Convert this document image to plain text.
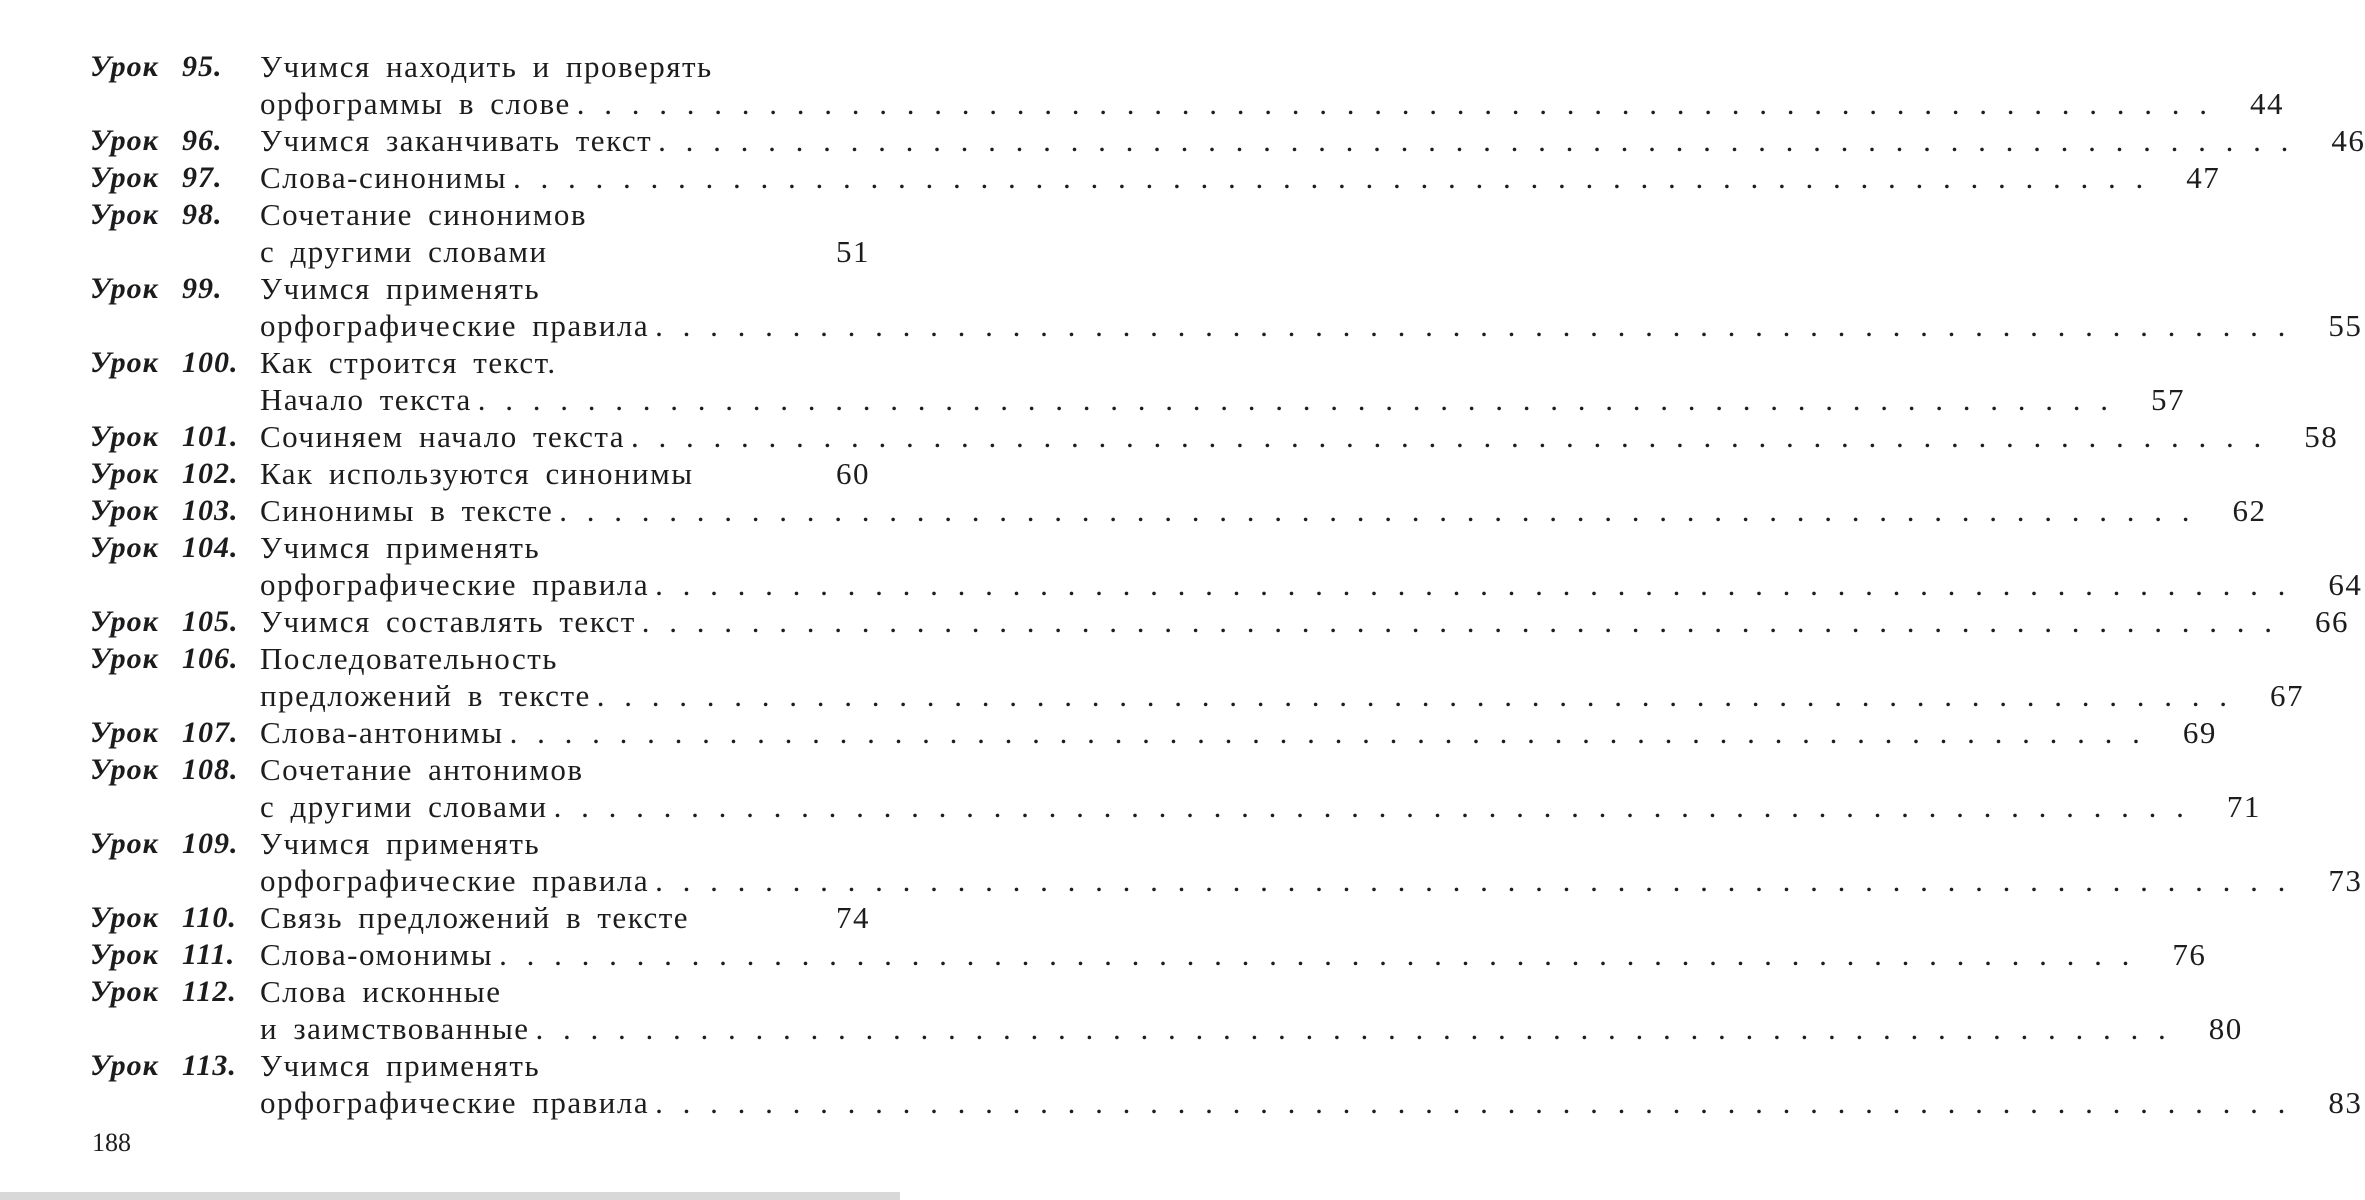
Урок 95.	Учимся находить и проверять
орфограммы в слове . . . . . . . . . . . . . . . . . . . . . . . . . . . . . . . . . . . . . . . . . . . . . . . . . . . . . . . . . . . .	44
Урок 96.	Учимся заканчивать текст . . . . . . . . . . . . . . . . . . . . . . . . . . . . . . . . . . . . . . . . . . . . . . . . . . . . . . . . . . . .	46
Урок 97.	Слова-синонимы . . . . . . . . . . . . . . . . . . . . . . . . . . . . . . . . . . . . . . . . . . . . . . . . . . . . . . . . . . . .	47
Урок 98.	Сочетание синонимов
с другими словами	51
Урок 99.	Учимся применять
орфографические правила . . . . . . . . . . . . . . . . . . . . . . . . . . . . . . . . . . . . . . . . . . . . . . . . . . . . . . . . . . . .	55
Урок 100. Как строится текст.
Начало текста . . . . . . . . . . . . . . . . . . . . . . . . . . . . . . . . . . . . . . . . . . . . . . . . . . . . . . . . . . . .	57
Урок 101. Сочиняем начало текста . . . . . . . . . . . . . . . . . . . . . . . . . . . . . . . . . . . . . . . . . . . . . . . . . . . . . . . . . . . .	58
Урок 102. Как используются синонимы	60
Урок 103. Синонимы в тексте . . . . . . . . . . . . . . . . . . . . . . . . . . . . . . . . . . . . . . . . . . . . . . . . . . . . . . . . . . . .	62
Урок 104. Учимся применять
орфографические правила . . . . . . . . . . . . . . . . . . . . . . . . . . . . . . . . . . . . . . . . . . . . . . . . . . . . . . . . . . . .	64
Урок 105. Учимся составлять текст . . . . . . . . . . . . . . . . . . . . . . . . . . . . . . . . . . . . . . . . . . . . . . . . . . . . . . . . . . . .	66
Урок 106. Последовательность
предложений в тексте . . . . . . . . . . . . . . . . . . . . . . . . . . . . . . . . . . . . . . . . . . . . . . . . . . . . . . . . . . . .	67
Урок 107. Слова-антонимы . . . . . . . . . . . . . . . . . . . . . . . . . . . . . . . . . . . . . . . . . . . . . . . . . . . . . . . . . . . .	69
Урок 108. Сочетание антонимов
с другими словами . . . . . . . . . . . . . . . . . . . . . . . . . . . . . . . . . . . . . . . . . . . . . . . . . . . . . . . . . . . .	71
Урок 109. Учимся применять
орфографические правила . . . . . . . . . . . . . . . . . . . . . . . . . . . . . . . . . . . . . . . . . . . . . . . . . . . . . . . . . . . .	73
Урок 110. Связь предложений в тексте	74
Урок 111. Слова-омонимы . . . . . . . . . . . . . . . . . . . . . . . . . . . . . . . . . . . . . . . . . . . . . . . . . . . . . . . . . . . .	76
Урок 112. Слова исконные
и заимствованные . . . . . . . . . . . . . . . . . . . . . . . . . . . . . . . . . . . . . . . . . . . . . . . . . . . . . . . . . . . .	80
Урок 113. Учимся применять
орфографические правила . . . . . . . . . . . . . . . . . . . . . . . . . . . . . . . . . . . . . . . . . . . . . . . . . . . . . . . . . . . .	83
188
